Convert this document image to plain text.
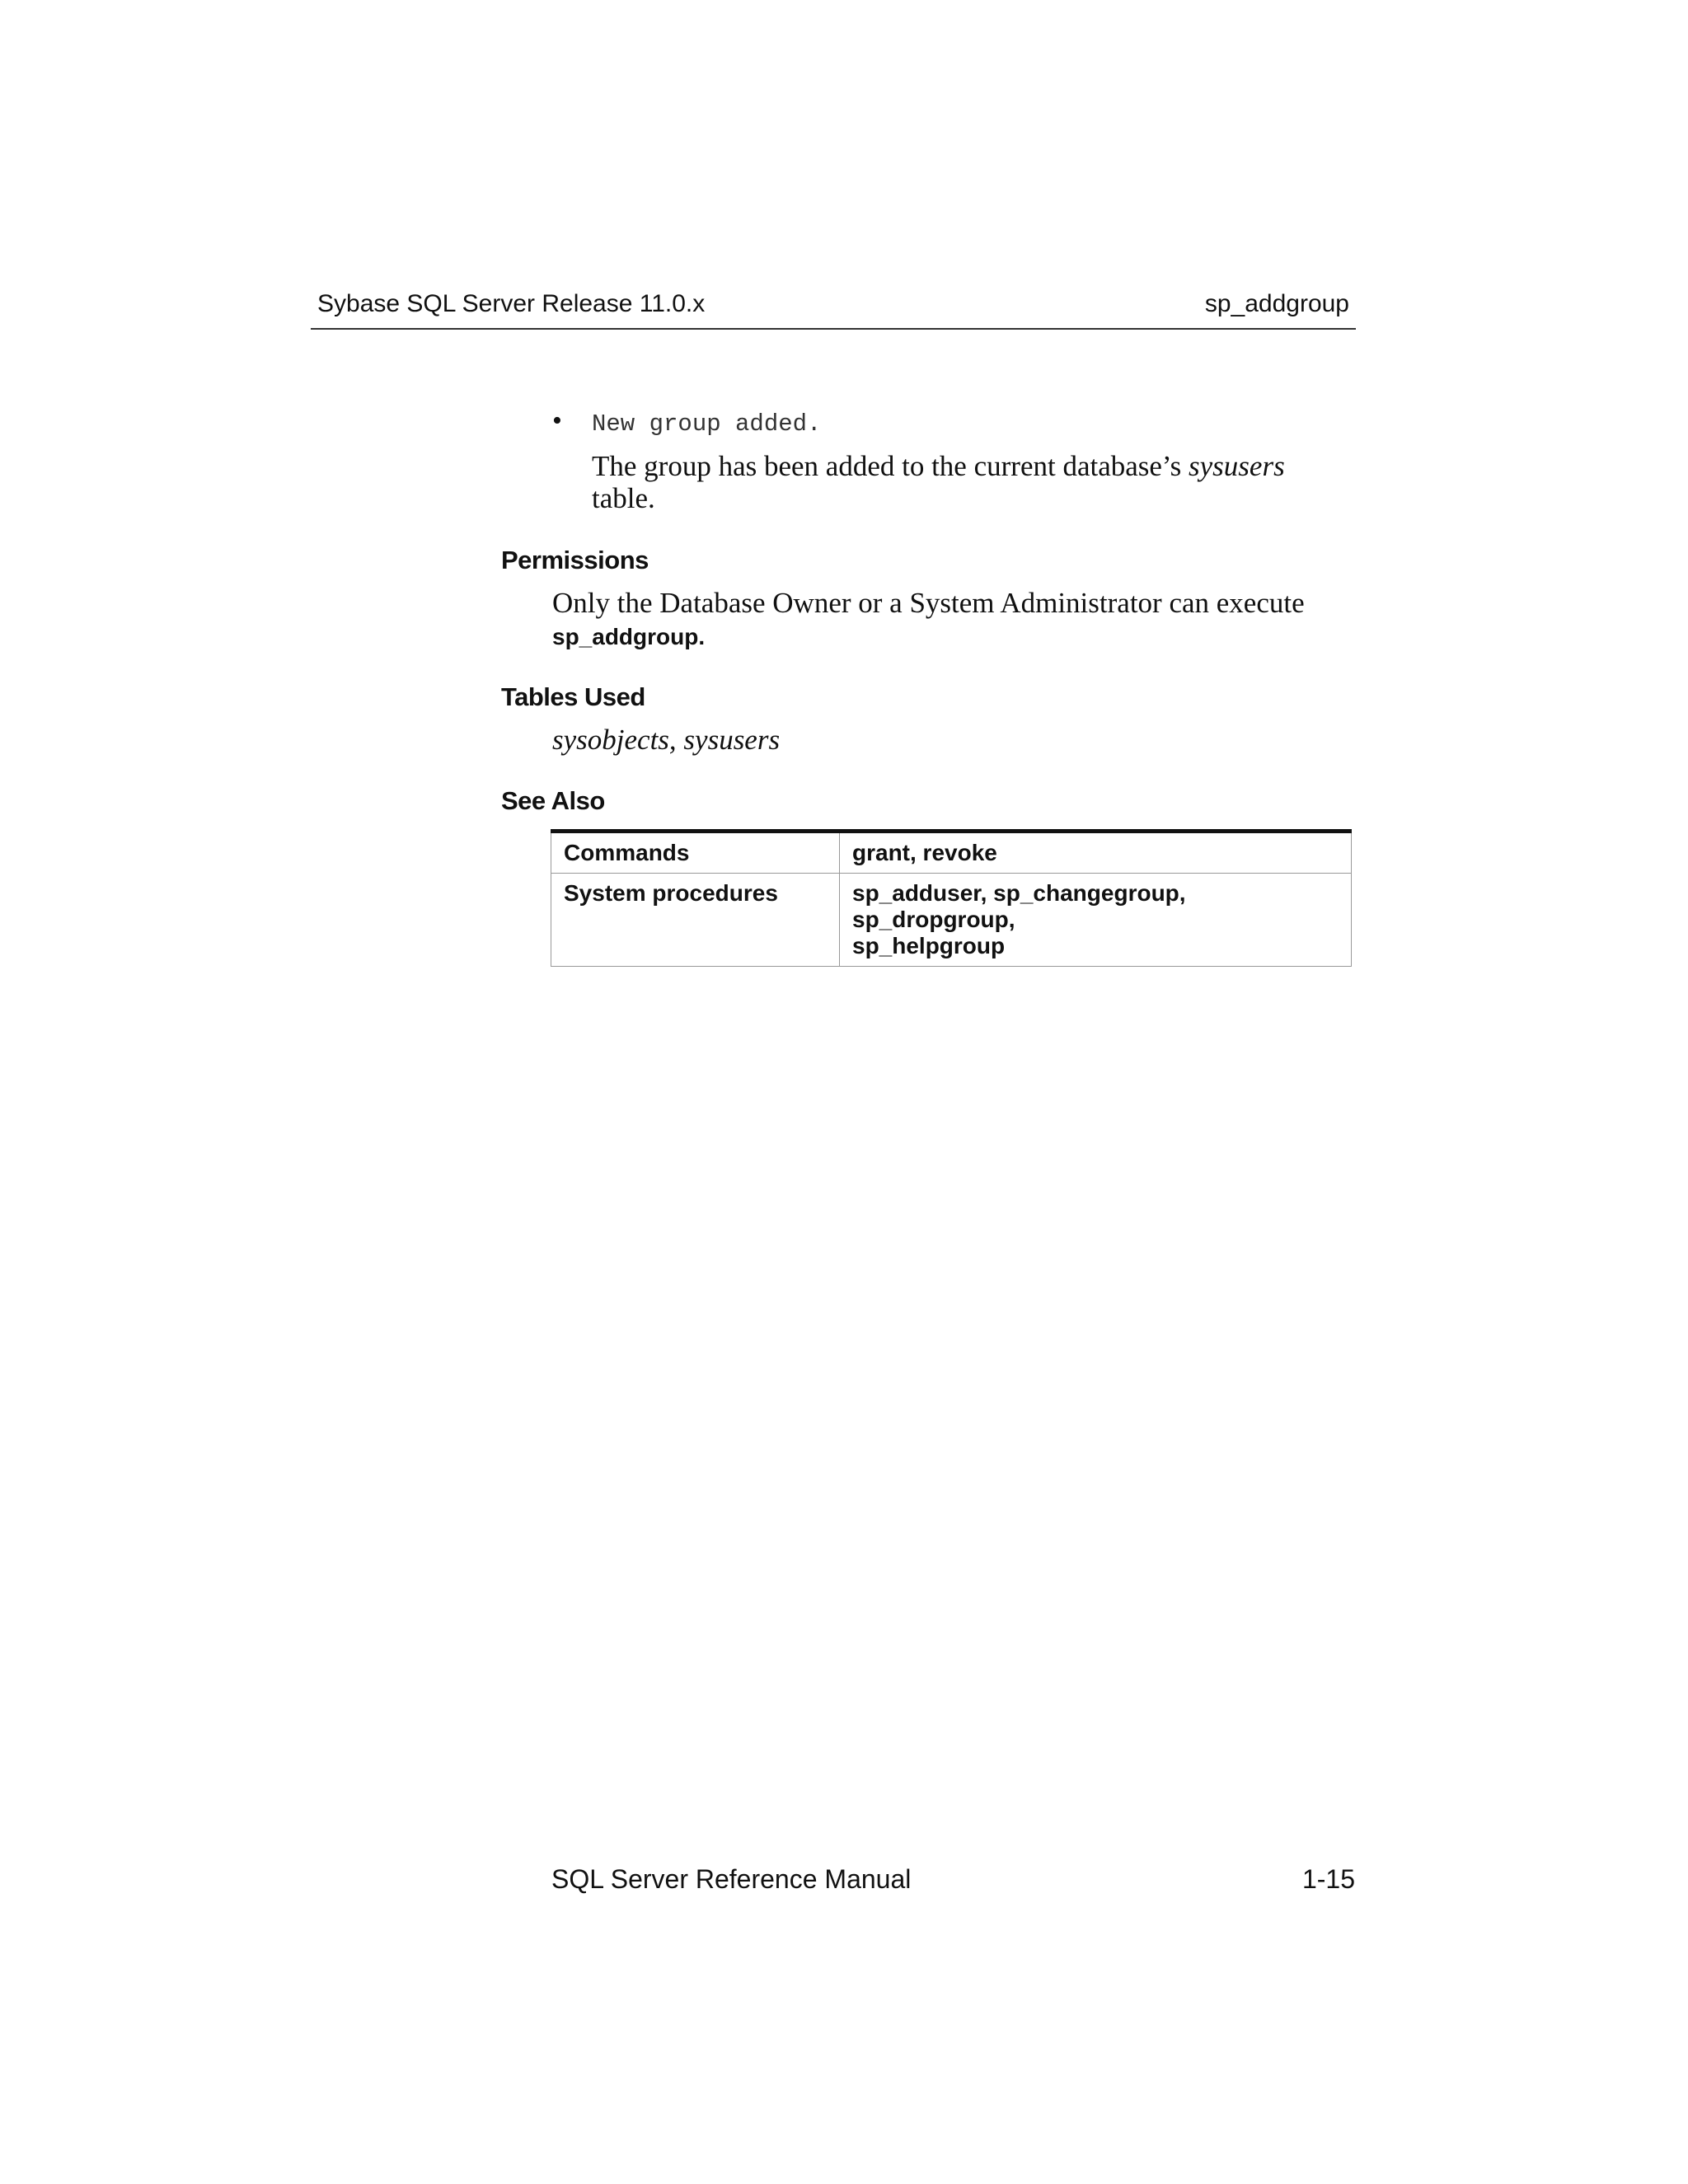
Sybase SQL Server Release 11.0.x	sp_addgroup
• New group added.
The group has been added to the current database’s sysusers table.
Permissions
Only the Database Owner or a System Administrator can execute
sp_addgroup.
Tables Used
sysobjects, sysusers
See Also
Commands	grant, revoke
System procedures	sp_adduser, sp_changegroup, sp_dropgroup,
sp_helpgroup
SQL Server Reference Manual	1-15
